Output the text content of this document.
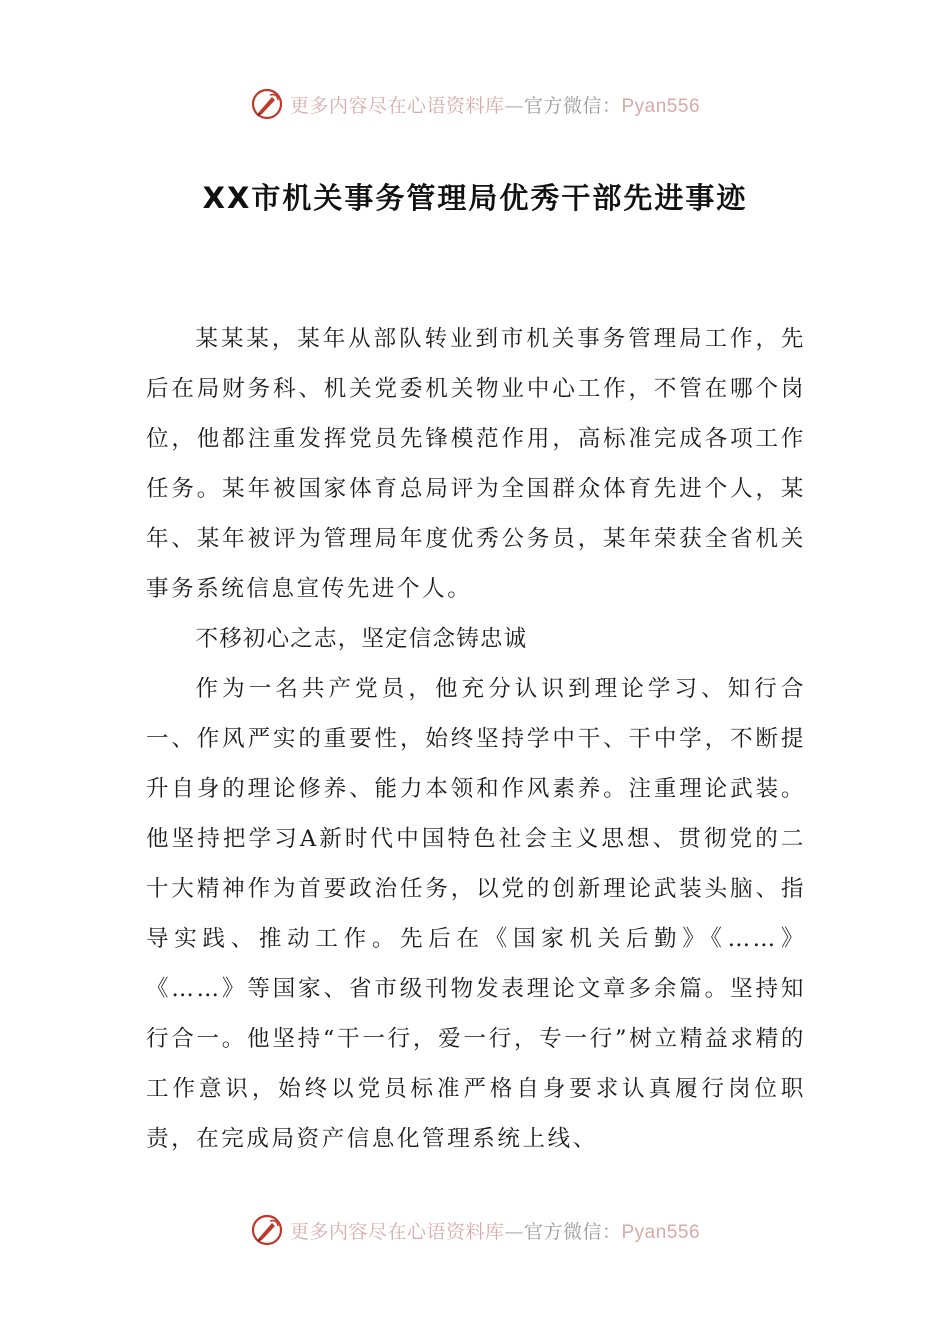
更多内容尽在心语资料库—官方微信：Pyan556
XX市机关事务管理局优秀干部先进事迹

某某某，某年从部队转业到市机关事务管理局工作，先后在局财务科、机关党委机关物业中心工作，不管在哪个岗位，他都注重发挥党员先锋模范作用，高标准完成各项工作任务。某年被国家体育总局评为全国群众体育先进个人，某年、某年被评为管理局年度优秀公务员，某年荣获全省机关事务系统信息宣传先进个人。

不移初心之志，坚定信念铸忠诚

作为一名共产党员，他充分认识到理论学习、知行合一、作风严实的重要性，始终坚持学中干、干中学，不断提升自身的理论修养、能力本领和作风素养。注重理论武装。他坚持把学习A新时代中国特色社会主义思想、贯彻党的二十大精神作为首要政治任务，以党的创新理论武装头脑、指导实践、推动工作。先后在《国家机关后勤》《……》《……》等国家、省市级刊物发表理论文章多余篇。坚持知行合一。他坚持“干一行，爱一行，专一行”树立精益求精的工作意识，始终以党员标准严格自身要求认真履行岗位职责，在完成局资产信息化管理系统上线、

更多内容尽在心语资料库—官方微信：Pyan556
